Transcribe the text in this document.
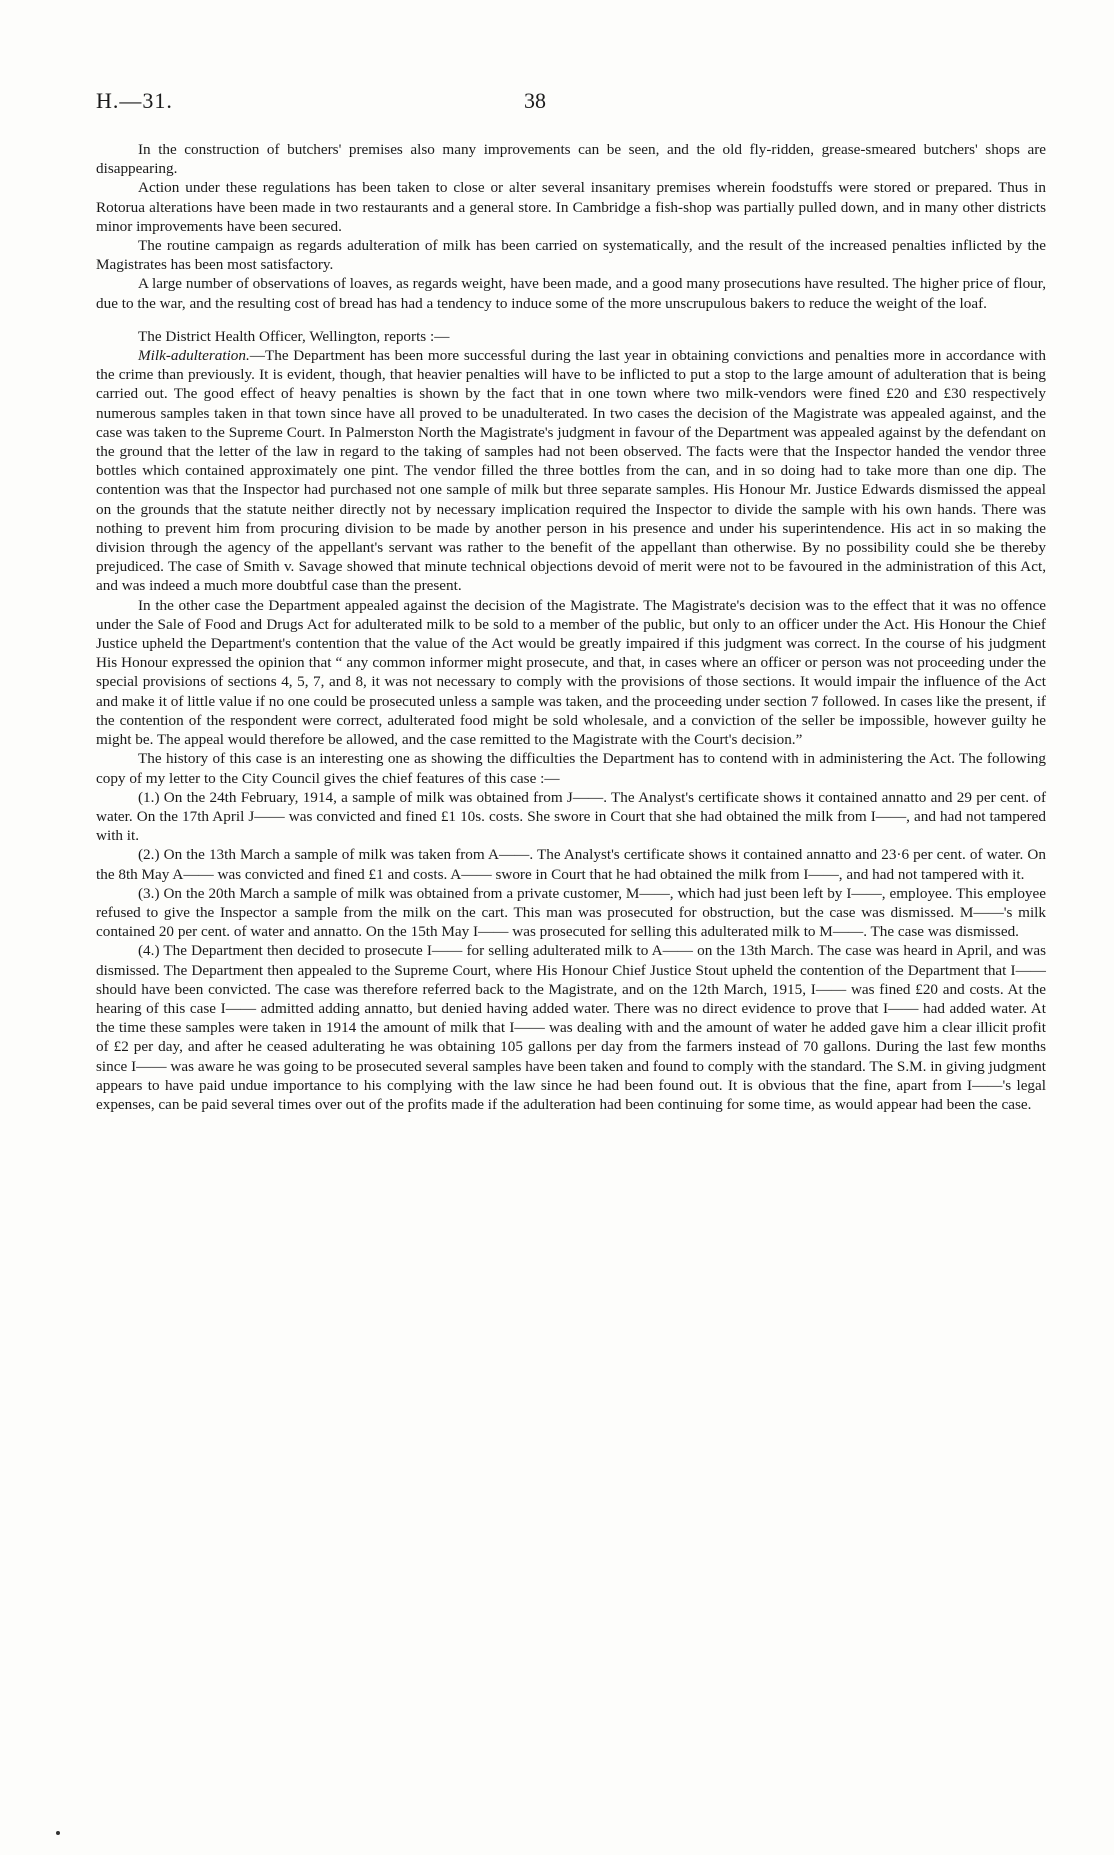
H.—31.	38

In the construction of butchers' premises also many improvements can be seen, and the old fly-ridden, grease-smeared butchers' shops are disappearing.

Action under these regulations has been taken to close or alter several insanitary premises wherein foodstuffs were stored or prepared. Thus in Rotorua alterations have been made in two restaurants and a general store. In Cambridge a fish-shop was partially pulled down, and in many other districts minor improvements have been secured.

The routine campaign as regards adulteration of milk has been carried on systematically, and the result of the increased penalties inflicted by the Magistrates has been most satisfactory.

A large number of observations of loaves, as regards weight, have been made, and a good many prosecutions have resulted. The higher price of flour, due to the war, and the resulting cost of bread has had a tendency to induce some of the more unscrupulous bakers to reduce the weight of the loaf.

The District Health Officer, Wellington, reports :—

Milk-adulteration.—The Department has been more successful during the last year in obtaining convictions and penalties more in accordance with the crime than previously. It is evident, though, that heavier penalties will have to be inflicted to put a stop to the large amount of adulteration that is being carried out. The good effect of heavy penalties is shown by the fact that in one town where two milk-vendors were fined £20 and £30 respectively numerous samples taken in that town since have all proved to be unadulterated. In two cases the decision of the Magistrate was appealed against, and the case was taken to the Supreme Court. In Palmerston North the Magistrate's judgment in favour of the Department was appealed against by the defendant on the ground that the letter of the law in regard to the taking of samples had not been observed. The facts were that the Inspector handed the vendor three bottles which contained approximately one pint. The vendor filled the three bottles from the can, and in so doing had to take more than one dip. The contention was that the Inspector had purchased not one sample of milk but three separate samples. His Honour Mr. Justice Edwards dismissed the appeal on the grounds that the statute neither directly not by necessary implication required the Inspector to divide the sample with his own hands. There was nothing to prevent him from procuring division to be made by another person in his presence and under his superintendence. His act in so making the division through the agency of the appellant's servant was rather to the benefit of the appellant than otherwise. By no possibility could she be thereby prejudiced. The case of Smith v. Savage showed that minute technical objections devoid of merit were not to be favoured in the administration of this Act, and was indeed a much more doubtful case than the present.

In the other case the Department appealed against the decision of the Magistrate. The Magistrate's decision was to the effect that it was no offence under the Sale of Food and Drugs Act for adulterated milk to be sold to a member of the public, but only to an officer under the Act. His Honour the Chief Justice upheld the Department's contention that the value of the Act would be greatly impaired if this judgment was correct. In the course of his judgment His Honour expressed the opinion that “ any common informer might prosecute, and that, in cases where an officer or person was not proceeding under the special provisions of sections 4, 5, 7, and 8, it was not necessary to comply with the provisions of those sections. It would impair the influence of the Act and make it of little value if no one could be prosecuted unless a sample was taken, and the proceeding under section 7 followed. In cases like the present, if the contention of the respondent were correct, adulterated food might be sold wholesale, and a conviction of the seller be impossible, however guilty he might be. The appeal would therefore be allowed, and the case remitted to the Magistrate with the Court's decision.”

The history of this case is an interesting one as showing the difficulties the Department has to contend with in administering the Act. The following copy of my letter to the City Council gives the chief features of this case :—

(1.) On the 24th February, 1914, a sample of milk was obtained from J——. The Analyst's certificate shows it contained annatto and 29 per cent. of water. On the 17th April J—— was convicted and fined £1 10s. costs. She swore in Court that she had obtained the milk from I——, and had not tampered with it.

(2.) On the 13th March a sample of milk was taken from A——. The Analyst's certificate shows it contained annatto and 23·6 per cent. of water. On the 8th May A—— was convicted and fined £1 and costs. A—— swore in Court that he had obtained the milk from I——, and had not tampered with it.

(3.) On the 20th March a sample of milk was obtained from a private customer, M——, which had just been left by I——, employee. This employee refused to give the Inspector a sample from the milk on the cart. This man was prosecuted for obstruction, but the case was dismissed. M——'s milk contained 20 per cent. of water and annatto. On the 15th May I—— was prosecuted for selling this adulterated milk to M——. The case was dismissed.

(4.) The Department then decided to prosecute I—— for selling adulterated milk to A—— on the 13th March. The case was heard in April, and was dismissed. The Department then appealed to the Supreme Court, where His Honour Chief Justice Stout upheld the contention of the Department that I—— should have been convicted. The case was therefore referred back to the Magistrate, and on the 12th March, 1915, I—— was fined £20 and costs. At the hearing of this case I—— admitted adding annatto, but denied having added water. There was no direct evidence to prove that I—— had added water. At the time these samples were taken in 1914 the amount of milk that I—— was dealing with and the amount of water he added gave him a clear illicit profit of £2 per day, and after he ceased adulterating he was obtaining 105 gallons per day from the farmers instead of 70 gallons. During the last few months since I—— was aware he was going to be prosecuted several samples have been taken and found to comply with the standard. The S.M. in giving judgment appears to have paid undue importance to his complying with the law since he had been found out. It is obvious that the fine, apart from I——'s legal expenses, can be paid several times over out of the profits made if the adulteration had been continuing for some time, as would appear had been the case.
